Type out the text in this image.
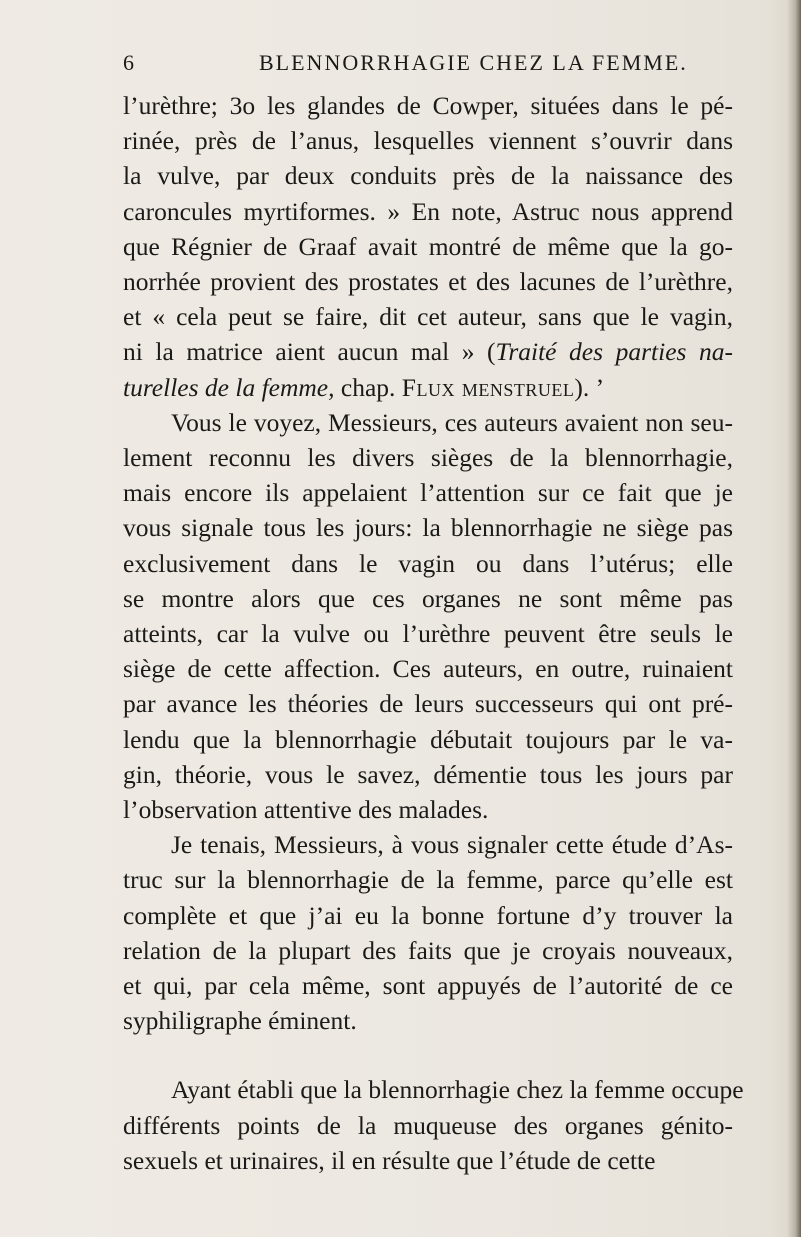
6	BLENNORRHAGIE CHEZ LA FEMME.
l’urèthre; 3o les glandes de Cowper, situées dans le pé-
rinée, près de l’anus, lesquelles viennent s’ouvrir dans
la vulve, par deux conduits près de la naissance des
caroncules myrtiformes. » En note, Astruc nous apprend
que Régnier de Graaf avait montré de même que la go-
norrhée provient des prostates et des lacunes de l’urèthre,
et « cela peut se faire, dit cet auteur, sans que le vagin,
ni la matrice aient aucun mal » (Traité des parties na-
turelles de la femme, chap. Flux menstruel). ’
Vous le voyez, Messieurs, ces auteurs avaient non seu-
lement reconnu les divers sièges de la blennorrhagie,
mais encore ils appelaient l’attention sur ce fait que je
vous signale tous les jours: la blennorrhagie ne siège pas
exclusivement dans le vagin ou dans l’utérus; elle
se montre alors que ces organes ne sont même pas
atteints, car la vulve ou l’urèthre peuvent être seuls le
siège de cette affection. Ces auteurs, en outre, ruinaient
par avance les théories de leurs successeurs qui ont pré-
lendu que la blennorrhagie débutait toujours par le va-
gin, théorie, vous le savez, démentie tous les jours par
l’observation attentive des malades.
Je tenais, Messieurs, à vous signaler cette étude d’As-
truc sur la blennorrhagie de la femme, parce qu’elle est
complète et que j’ai eu la bonne fortune d’y trouver la
relation de la plupart des faits que je croyais nouveaux,
et qui, par cela même, sont appuyés de l’autorité de ce
syphiligraphe éminent.
Ayant établi que la blennorrhagie chez la femme occupe
différents points de la muqueuse des organes génito-
sexuels et urinaires, il en résulte que l’étude de cette
